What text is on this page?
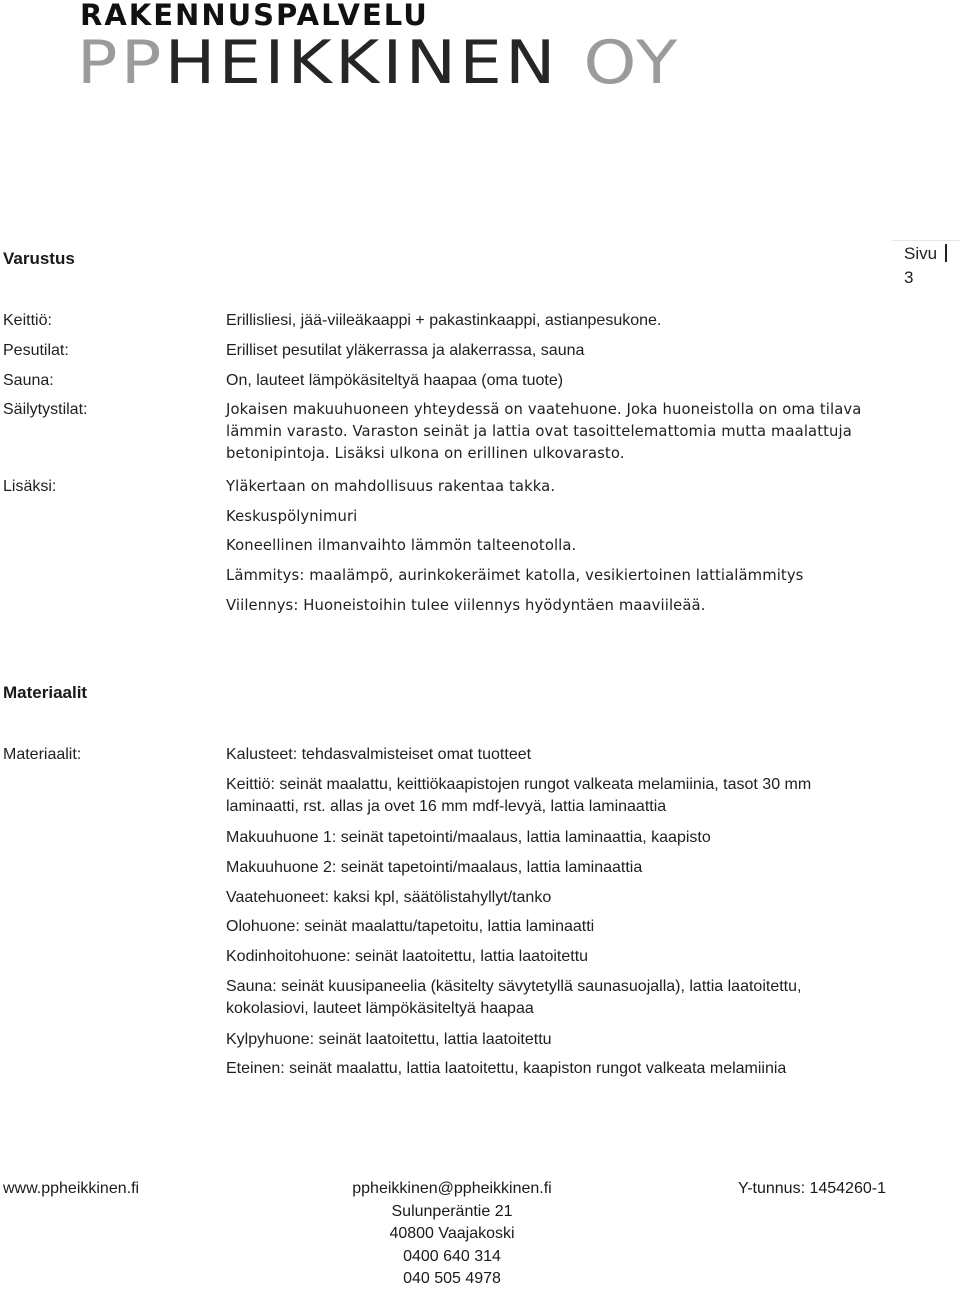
RAKENNUSPALVELU
PPHEIKKINEN OY
Sivu
3
Varustus
Keittiö:	Erillisliesi, jää-viileäkaappi + pakastinkaappi, astianpesukone.
Pesutilat:	Erilliset pesutilat yläkerrassa ja alakerrassa, sauna
Sauna:	On, lauteet lämpökäsiteltyä haapaa (oma tuote)
Säilytystilat:	Jokaisen makuuhuoneen yhteydessä on vaatehuone. Joka huoneistolla on oma tilava lämmin varasto. Varaston seinät ja lattia ovat tasoittelemattomia mutta maalattuja betonipintoja. Lisäksi ulkona on erillinen ulkovarasto.
Lisäksi:	Yläkertaan on mahdollisuus rakentaa takka.
Keskuspölynimuri
Koneellinen ilmanvaihto lämmön talteenotolla.
Lämmitys: maalämpö, aurinkokeräimet katolla, vesikiertoinen lattialämmitys
Viilennys: Huoneistoihin tulee viilennys hyödyntäen maaviileää.
Materiaalit
Materiaalit:	Kalusteet: tehdasvalmisteiset omat tuotteet
Keittiö: seinät maalattu, keittiökaapistojen rungot valkeata melamiinia, tasot 30 mm laminaatti, rst. allas ja ovet 16 mm mdf-levyä, lattia laminaattia
Makuuhuone 1: seinät tapetointi/maalaus, lattia laminaattia, kaapisto
Makuuhuone 2: seinät tapetointi/maalaus, lattia laminaattia
Vaatehuoneet: kaksi kpl, säätölistahyllyt/tanko
Olohuone: seinät maalattu/tapetoitu, lattia laminaatti
Kodinhoitohuone: seinät laatoitettu, lattia laatoitettu
Sauna: seinät kuusipaneelia (käsitelty sävytetyllä saunasuojalla), lattia laatoitettu, kokolasiovi, lauteet lämpökäsiteltyä haapaa
Kylpyhuone: seinät laatoitettu, lattia laatoitettu
Eteinen: seinät maalattu, lattia laatoitettu, kaapiston rungot valkeata melamiinia
www.ppheikkinen.fi	ppheikkinen@ppheikkinen.fi
Sulunperäntie 21
40800 Vaajakoski
0400 640 314
040 505 4978
Y-tunnus: 1454260-1
